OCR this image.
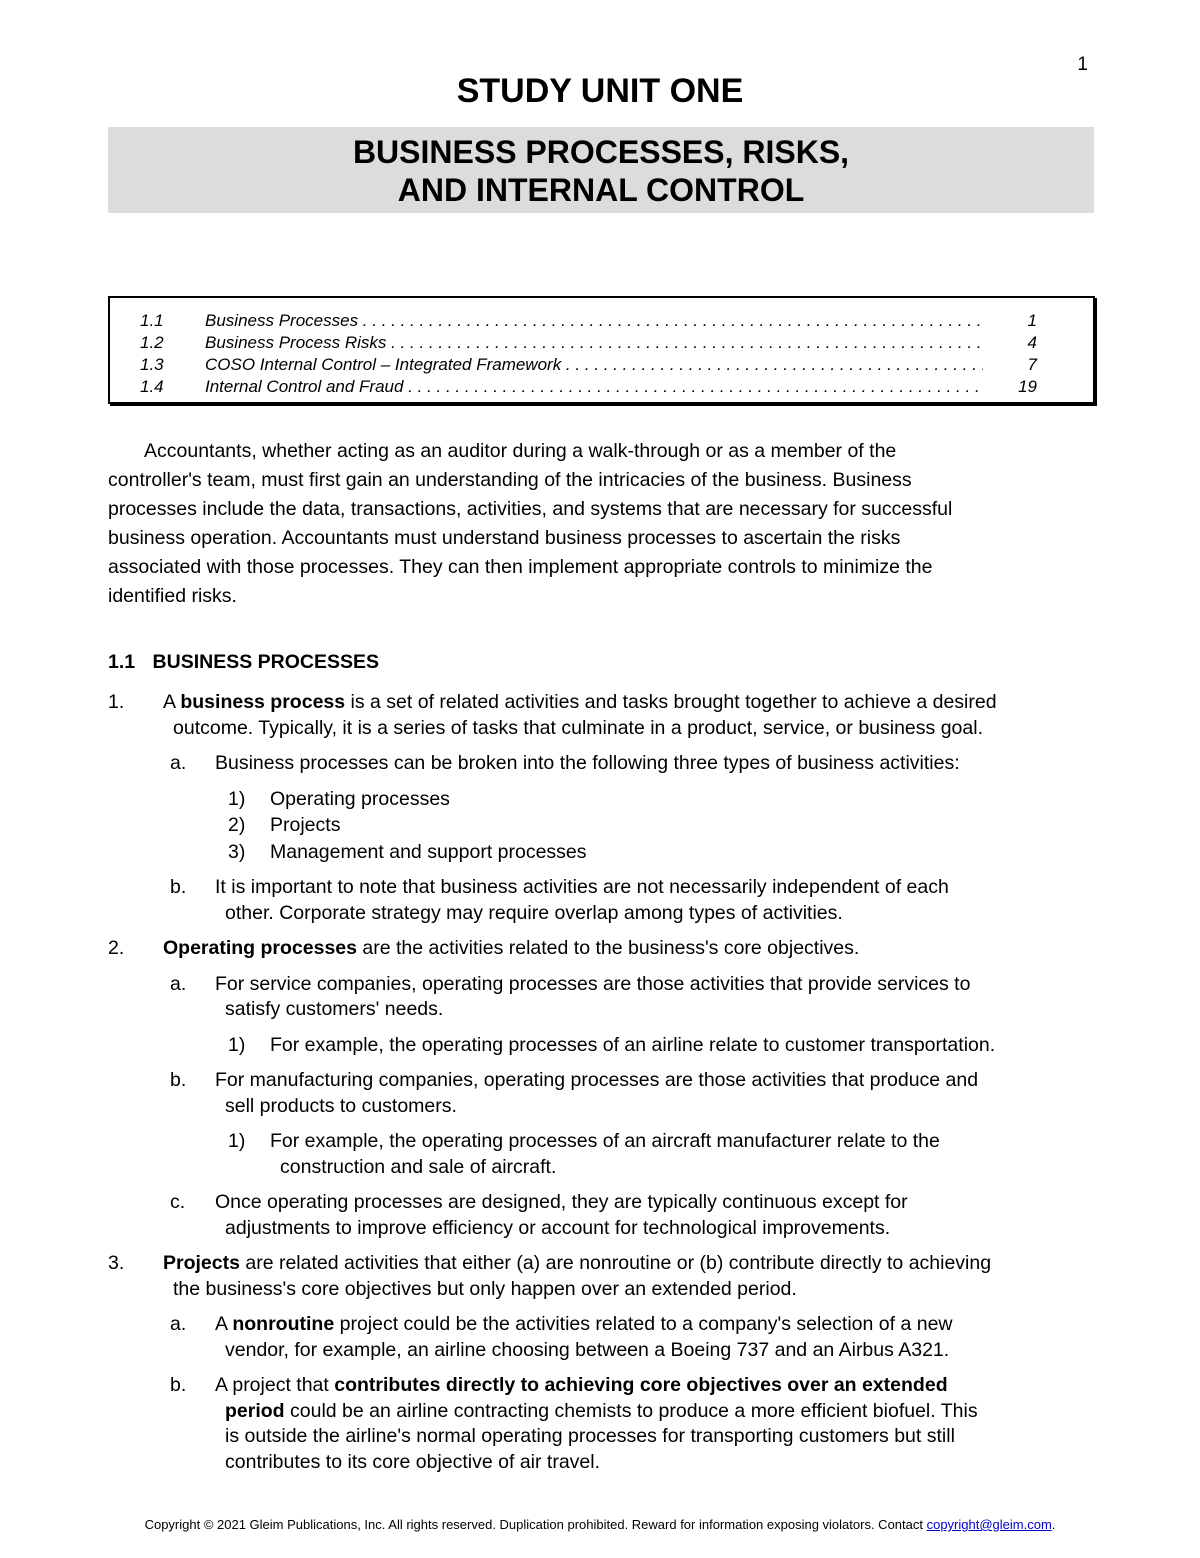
1
STUDY UNIT ONE
BUSINESS PROCESSES, RISKS,
AND INTERNAL CONTROL
1.1 Business Processes . . .	1
1.2 Business Process Risks . . .	4
1.3 COSO Internal Control – Integrated Framework . . .	7
1.4 Internal Control and Fraud . . .	19

Accountants, whether acting as an auditor during a walk-through or as a member of the

controller's team, must first gain an understanding of the intricacies of the business. Business
processes include the data, transactions, activities, and systems that are necessary for successful
business operation. Accountants must understand business processes to ascertain the risks
associated with those processes. They can then implement appropriate controls to minimize the
identified risks.
1.1 BUSINESS PROCESSES
1. A business process is a set of related activities and tasks brought together to achieve a desired
outcome. Typically, it is a series of tasks that culminate in a product, service, or business goal.
a. Business processes can be broken into the following three types of business activities:
1) Operating processes
2) Projects
3) Management and support processes
b. It is important to note that business activities are not necessarily independent of each
other. Corporate strategy may require overlap among types of activities.
2. Operating processes are the activities related to the business's core objectives.
a. For service companies, operating processes are those activities that provide services to
satisfy customers' needs.
1) For example, the operating processes of an airline relate to customer transportation.
b. For manufacturing companies, operating processes are those activities that produce and
sell products to customers.
1) For example, the operating processes of an aircraft manufacturer relate to the
construction and sale of aircraft.
c. Once operating processes are designed, they are typically continuous except for
adjustments to improve efficiency or account for technological improvements.
3. Projects are related activities that either (a) are nonroutine or (b) contribute directly to achieving
the business's core objectives but only happen over an extended period.
a. A nonroutine project could be the activities related to a company's selection of a new
vendor, for example, an airline choosing between a Boeing 737 and an Airbus A321.
b. A project that contributes directly to achieving core objectives over an extended
period could be an airline contracting chemists to produce a more efficient biofuel. This
is outside the airline's normal operating processes for transporting customers but still
contributes to its core objective of air travel.
Copyright © 2021 Gleim Publications, Inc. All rights reserved. Duplication prohibited. Reward for information exposing violators. Contact copyright@gleim.com.
